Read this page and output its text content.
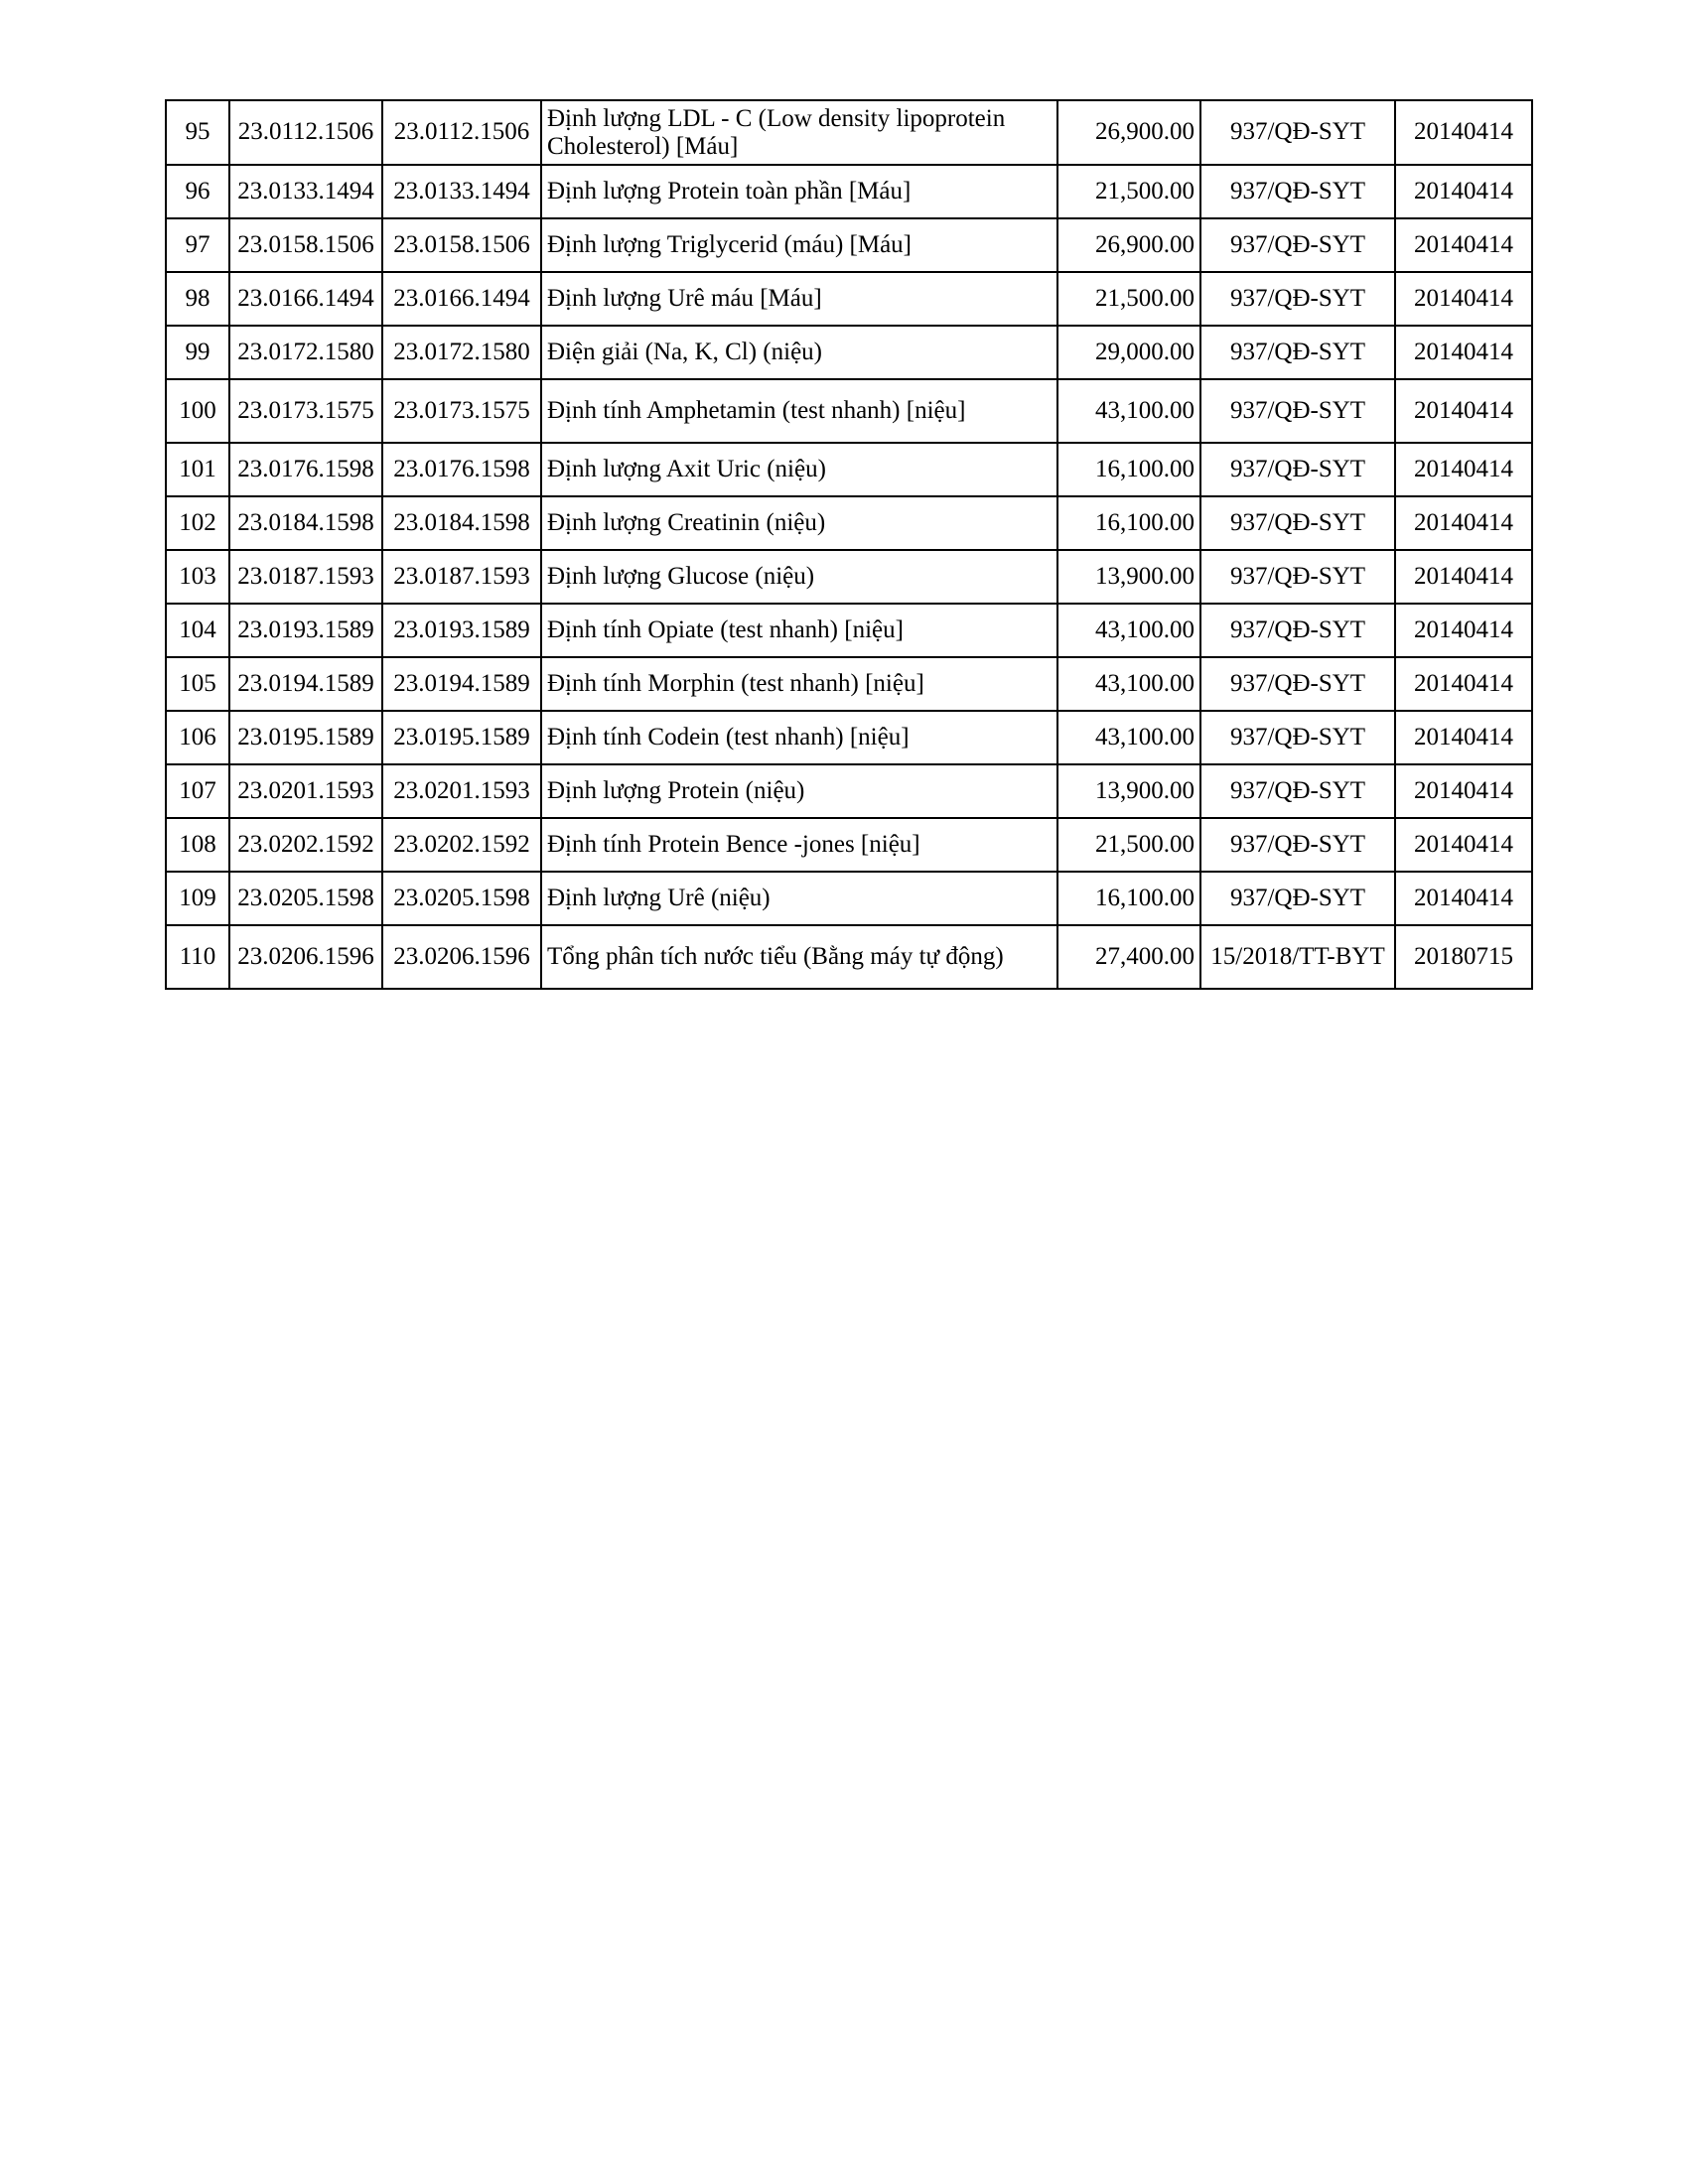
95	23.0112.1506	23.0112.1506	Định lượng LDL - C (Low density lipoprotein Cholesterol) [Máu]	26,900.00	937/QĐ-SYT	20140414
96	23.0133.1494	23.0133.1494	Định lượng Protein toàn phần [Máu]	21,500.00	937/QĐ-SYT	20140414
97	23.0158.1506	23.0158.1506	Định lượng Triglycerid (máu) [Máu]	26,900.00	937/QĐ-SYT	20140414
98	23.0166.1494	23.0166.1494	Định lượng Urê máu [Máu]	21,500.00	937/QĐ-SYT	20140414
99	23.0172.1580	23.0172.1580	Điện giải (Na, K, Cl) (niệu)	29,000.00	937/QĐ-SYT	20140414
100	23.0173.1575	23.0173.1575	Định tính Amphetamin (test nhanh) [niệu]	43,100.00	937/QĐ-SYT	20140414
101	23.0176.1598	23.0176.1598	Định lượng Axit Uric (niệu)	16,100.00	937/QĐ-SYT	20140414
102	23.0184.1598	23.0184.1598	Định lượng Creatinin (niệu)	16,100.00	937/QĐ-SYT	20140414
103	23.0187.1593	23.0187.1593	Định lượng Glucose (niệu)	13,900.00	937/QĐ-SYT	20140414
104	23.0193.1589	23.0193.1589	Định tính Opiate (test nhanh) [niệu]	43,100.00	937/QĐ-SYT	20140414
105	23.0194.1589	23.0194.1589	Định tính Morphin (test nhanh) [niệu]	43,100.00	937/QĐ-SYT	20140414
106	23.0195.1589	23.0195.1589	Định tính Codein (test nhanh) [niệu]	43,100.00	937/QĐ-SYT	20140414
107	23.0201.1593	23.0201.1593	Định lượng Protein (niệu)	13,900.00	937/QĐ-SYT	20140414
108	23.0202.1592	23.0202.1592	Định tính Protein Bence -jones [niệu]	21,500.00	937/QĐ-SYT	20140414
109	23.0205.1598	23.0205.1598	Định lượng Urê (niệu)	16,100.00	937/QĐ-SYT	20140414
110	23.0206.1596	23.0206.1596	Tổng phân tích nước tiểu (Bằng máy tự động)	27,400.00	15/2018/TT-BYT	20180715
